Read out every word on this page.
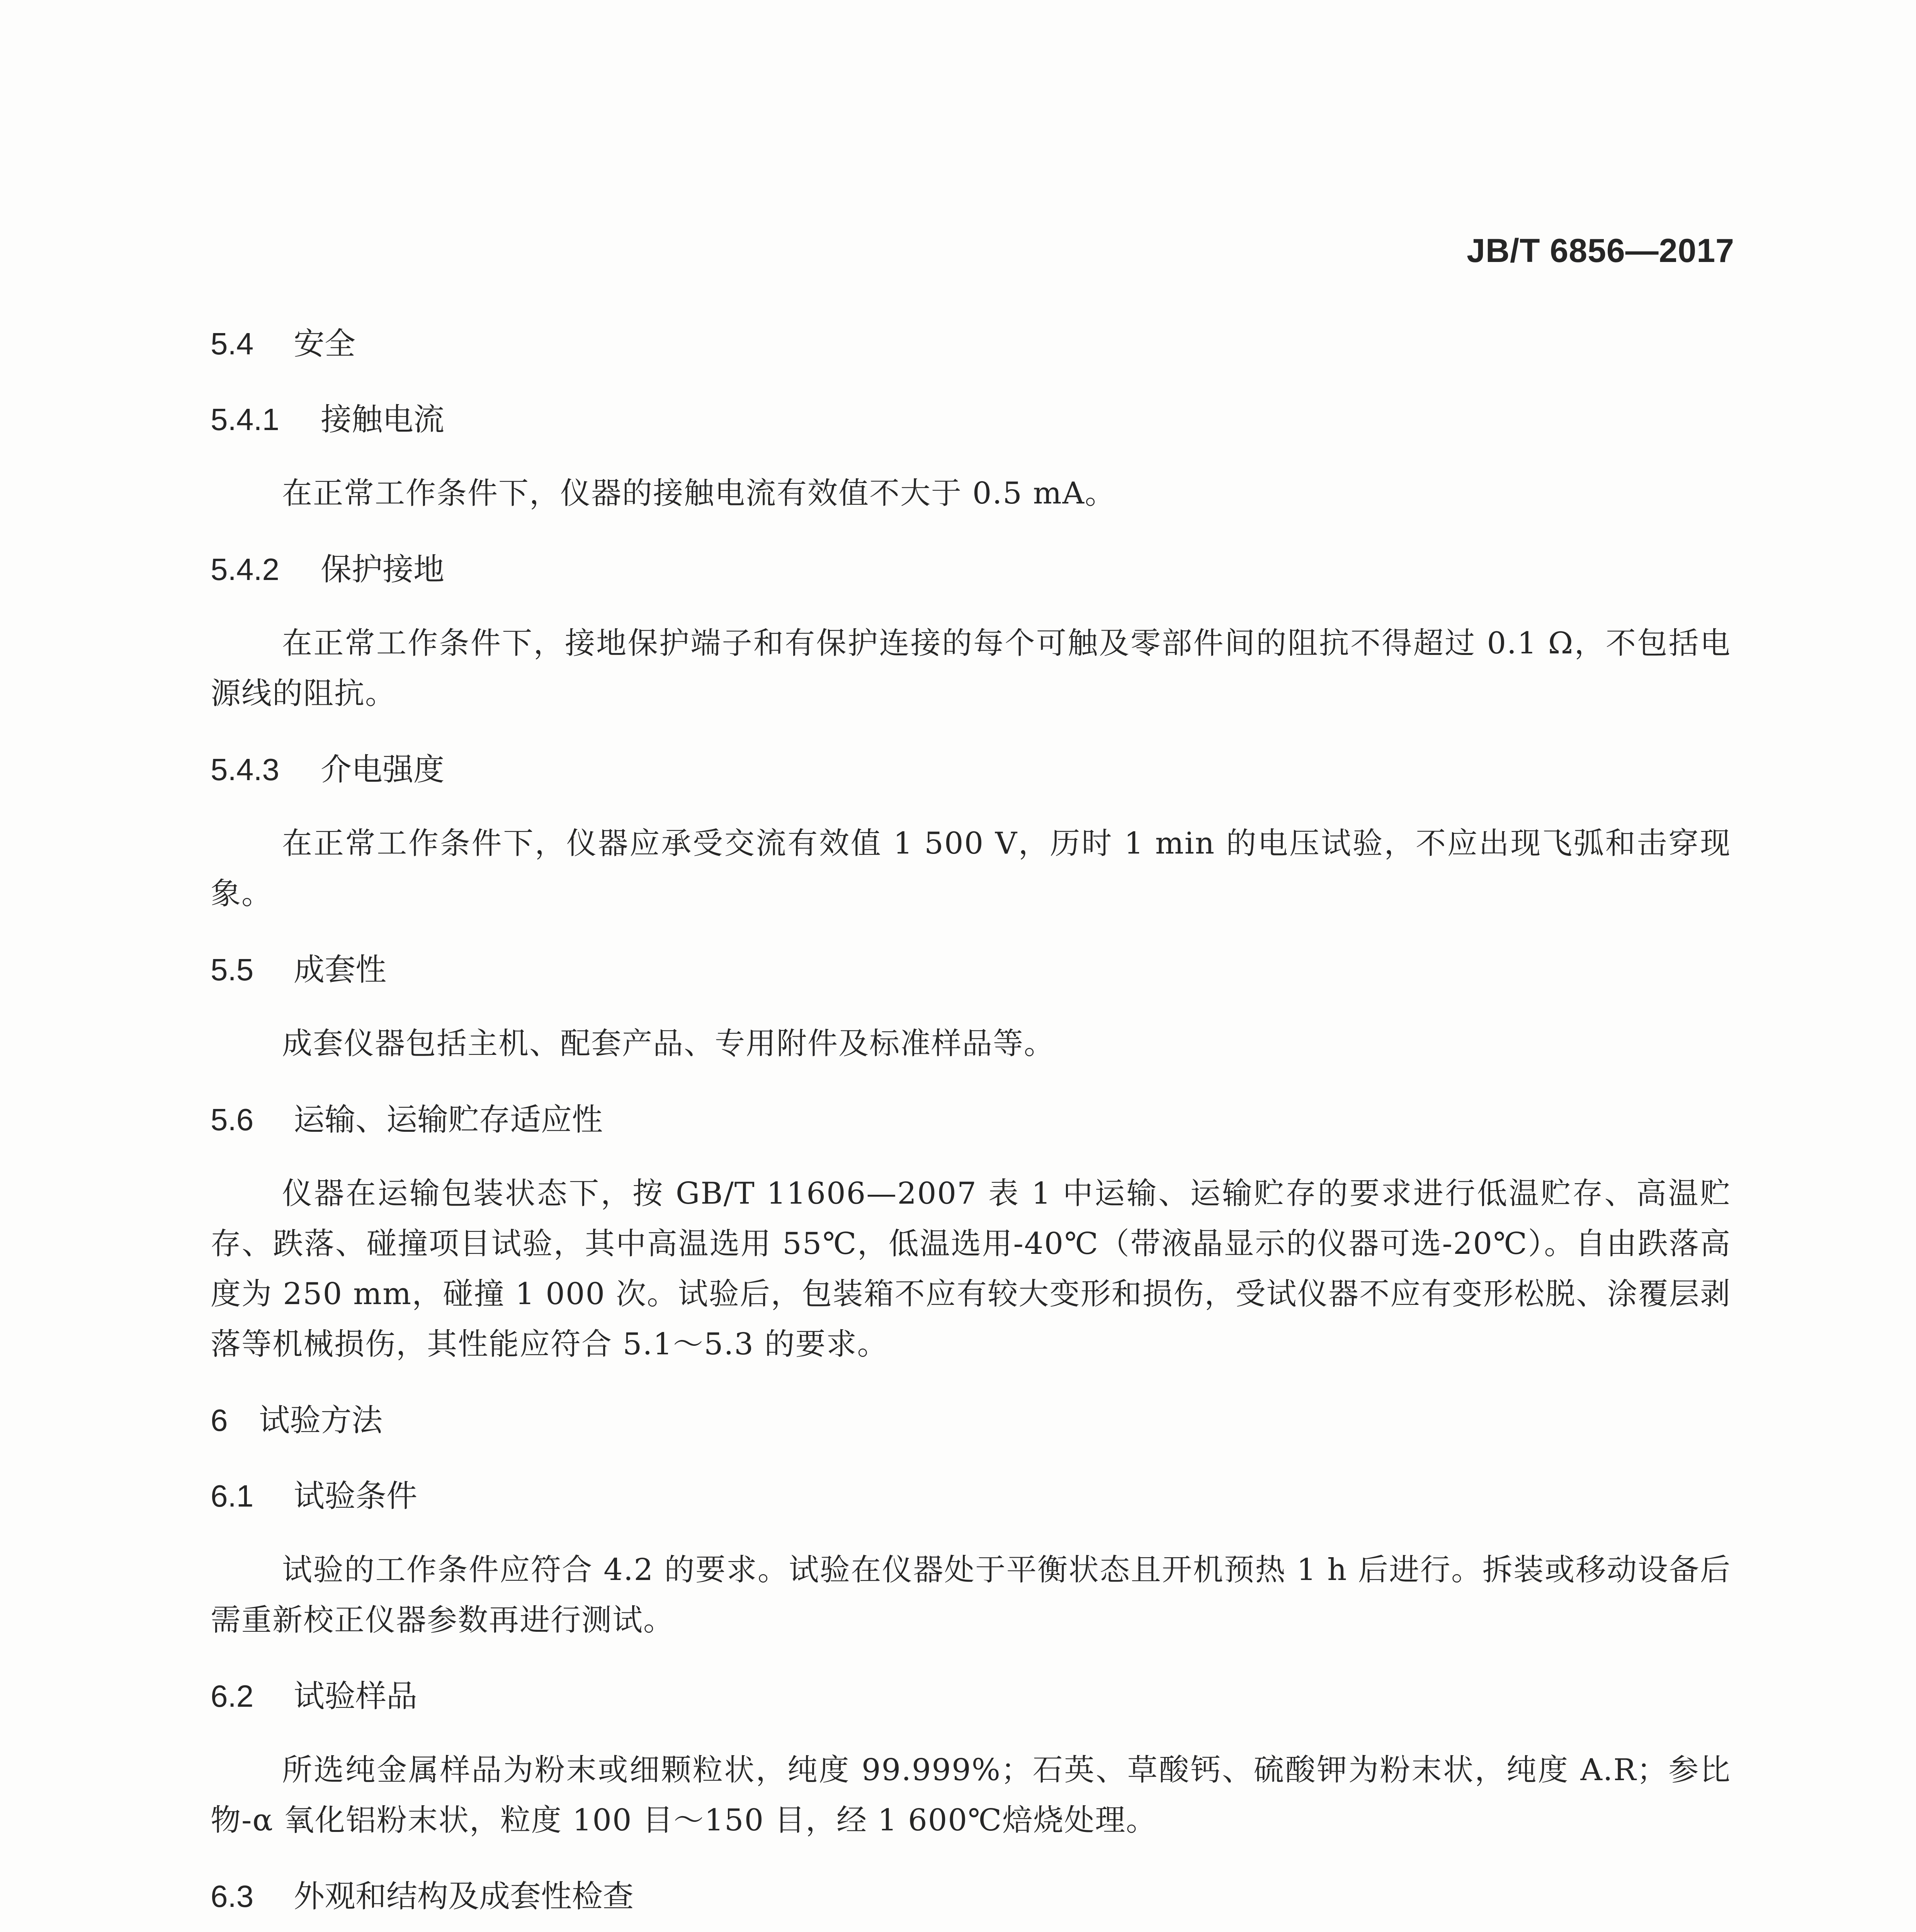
JB/T 6856—2017
5.4 安全
5.4.1 接触电流

在正常工作条件下，仪器的接触电流有效值不大于 0.5 mA。

5.4.2 保护接地

在正常工作条件下，接地保护端子和有保护连接的每个可触及零部件间的阻抗不得超过 0.1 Ω，不包括电源线的阻抗。

5.4.3 介电强度

在正常工作条件下，仪器应承受交流有效值 1 500 V，历时 1 min 的电压试验，不应出现飞弧和击穿现象。

5.5 成套性

成套仪器包括主机、配套产品、专用附件及标准样品等。

5.6 运输、运输贮存适应性

仪器在运输包装状态下，按 GB/T 11606—2007 表 1 中运输、运输贮存的要求进行低温贮存、高温贮存、跌落、碰撞项目试验，其中高温选用 55℃，低温选用-40℃（带液晶显示的仪器可选-20℃）。自由跌落高度为 250 mm，碰撞 1 000 次。试验后，包装箱不应有较大变形和损伤，受试仪器不应有变形松脱、涂覆层剥落等机械损伤，其性能应符合 5.1～5.3 的要求。

6 试验方法
6.1 试验条件

试验的工作条件应符合 4.2 的要求。试验在仪器处于平衡状态且开机预热 1 h 后进行。拆装或移动设备后需重新校正仪器参数再进行测试。

6.2 试验样品

所选纯金属样品为粉末或细颗粒状，纯度 99.999%；石英、草酸钙、硫酸钾为粉末状，纯度 A.R；参比物-α 氧化铝粉末状，粒度 100 目～150 目，经 1 600℃焙烧处理。

6.3 外观和结构及成套性检查
